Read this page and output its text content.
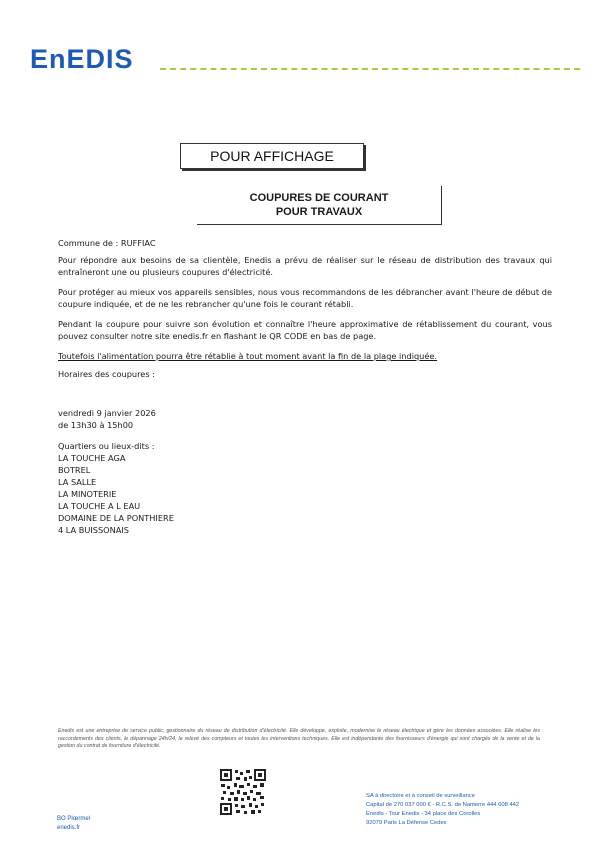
EnEDIS
POUR AFFICHAGE
COUPURES DE COURANT
POUR TRAVAUX

Commune de : RUFFIAC

Pour répondre aux besoins de sa clientèle, Enedis a prévu de réaliser sur le réseau de distribution des travaux qui entraîneront une ou plusieurs coupures d'électricité.

Pour protéger au mieux vos appareils sensibles, nous vous recommandons de les débrancher avant l'heure de début de coupure indiquée, et de ne les rebrancher qu'une fois le courant rétabli.

Pendant la coupure pour suivre son évolution et connaître l'heure approximative de rétablissement du courant, vous pouvez consulter notre site enedis.fr en flashant le QR CODE en bas de page.

Toutefois l'alimentation pourra être rétablie à tout moment avant la fin de la plage indiquée.

Horaires des coupures :

vendredi 9 janvier 2026

de 13h30 à 15h00

Quartiers ou lieux-dits :

LA TOUCHE AGA
BOTREL
LA SALLE
LA MINOTERIE
LA TOUCHE A L EAU
DOMAINE DE LA PONTHIERE
4 LA BUISSONAIS
Enedis est une entreprise de service public, gestionnaire du réseau de distribution d'électricité. Elle développe, exploite, modernise le réseau électrique et gère les données associées. Elle réalise les raccordements des clients, le dépannage 24h/24, le relevé des compteurs et toutes les interventions techniques. Elle est indépendante des fournisseurs d'énergie qui sont chargés de la vente et de la gestion du contrat de fourniture d'électricité.
BO Plœrmel
enedis.fr
SA à directoire et à conseil de surveillance
Capital de 270 037 000 € - R.C.S. de Nanterre 444 608 442
Enedis - Tour Enedis - 34 place des Corolles
92079 Paris La Défense Cedex
